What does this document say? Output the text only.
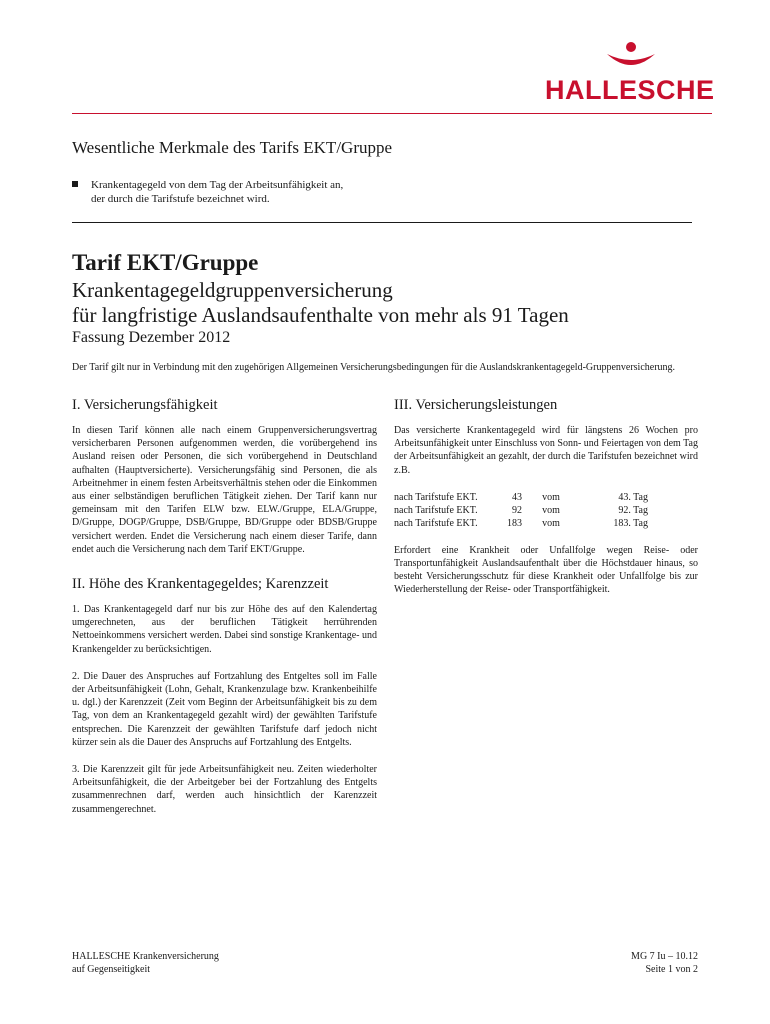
HALLESCHE
Wesentliche Merkmale des Tarifs EKT/Gruppe
Krankentagegeld von dem Tag der Arbeitsunfähigkeit an,
der durch die Tarifstufe bezeichnet wird.
Tarif EKT/Gruppe
Krankentagegeldgruppenversicherung
für langfristige Auslandsaufenthalte von mehr als 91 Tagen
Fassung Dezember 2012
Der Tarif gilt nur in Verbindung mit den zugehörigen Allgemeinen Versicherungsbedingungen für die Auslandskrankentagegeld-Gruppenversicherung.
I. Versicherungsfähigkeit

In diesen Tarif können alle nach einem Gruppenversicherungsvertrag versicherbaren Personen aufgenommen werden, die vorübergehend ins Ausland reisen oder Personen, die sich vorübergehend in Deutschland aufhalten (Hauptversicherte). Versicherungsfähig sind Personen, die als Arbeitnehmer in einem festen Arbeitsverhältnis stehen oder die Einkommen aus einer selbständigen beruflichen Tätigkeit ziehen. Der Tarif kann nur gemeinsam mit den Tarifen ELW bzw. ELW./Gruppe, ELA/Gruppe, D/Gruppe, DOGP/Gruppe, DSB/Gruppe, BD/Gruppe oder BDSB/Gruppe versichert werden. Endet die Versicherung nach einem dieser Tarife, dann endet auch die Versicherung nach dem Tarif EKT/Gruppe.

II. Höhe des Krankentagegeldes; Karenzzeit

1. Das Krankentagegeld darf nur bis zur Höhe des auf den Kalendertag umgerechneten, aus der beruflichen Tätigkeit herrührenden Nettoeinkommens versichert werden. Dabei sind sonstige Krankentage- und Krankengelder zu berücksichtigen.

2. Die Dauer des Anspruches auf Fortzahlung des Entgeltes soll im Falle der Arbeitsunfähigkeit (Lohn, Gehalt, Krankenzulage bzw. Krankenbeihilfe u. dgl.) der Karenzzeit (Zeit vom Beginn der Arbeitsunfähigkeit bis zu dem Tag, von dem an Krankentagegeld gezahlt wird) der gewählten Tarifstufe entsprechen. Die Karenzzeit der gewählten Tarifstufe darf jedoch nicht kürzer sein als die Dauer des Anspruchs auf Fortzahlung des Entgelts.

3. Die Karenzzeit gilt für jede Arbeitsunfähigkeit neu. Zeiten wiederholter Arbeitsunfähigkeit, die der Arbeitgeber bei der Fortzahlung des Entgelts zusammenrechnen darf, werden auch hinsichtlich der Karenzzeit zusammengerechnet.

III. Versicherungsleistungen

Das versicherte Krankentagegeld wird für längstens 26 Wochen pro Arbeitsunfähigkeit unter Einschluss von Sonn- und Feiertagen von dem Tag der Arbeitsunfähigkeit an gezahlt, der durch die Tarifstufen bezeichnet wird z.B.

nach Tarifstufe EKT.	43	vom	43. Tag
nach Tarifstufe EKT.	92	vom	92. Tag
nach Tarifstufe EKT.	183	vom	183. Tag

Erfordert eine Krankheit oder Unfallfolge wegen Reise- oder Transportunfähigkeit Auslandsaufenthalt über die Höchstdauer hinaus, so besteht Versicherungsschutz für diese Krankheit oder Unfallfolge bis zur Wiederherstellung der Reise- oder Transportfähigkeit.

HALLESCHE Krankenversicherung
auf Gegenseitigkeit
MG 7 Iu – 10.12
Seite 1 von 2
